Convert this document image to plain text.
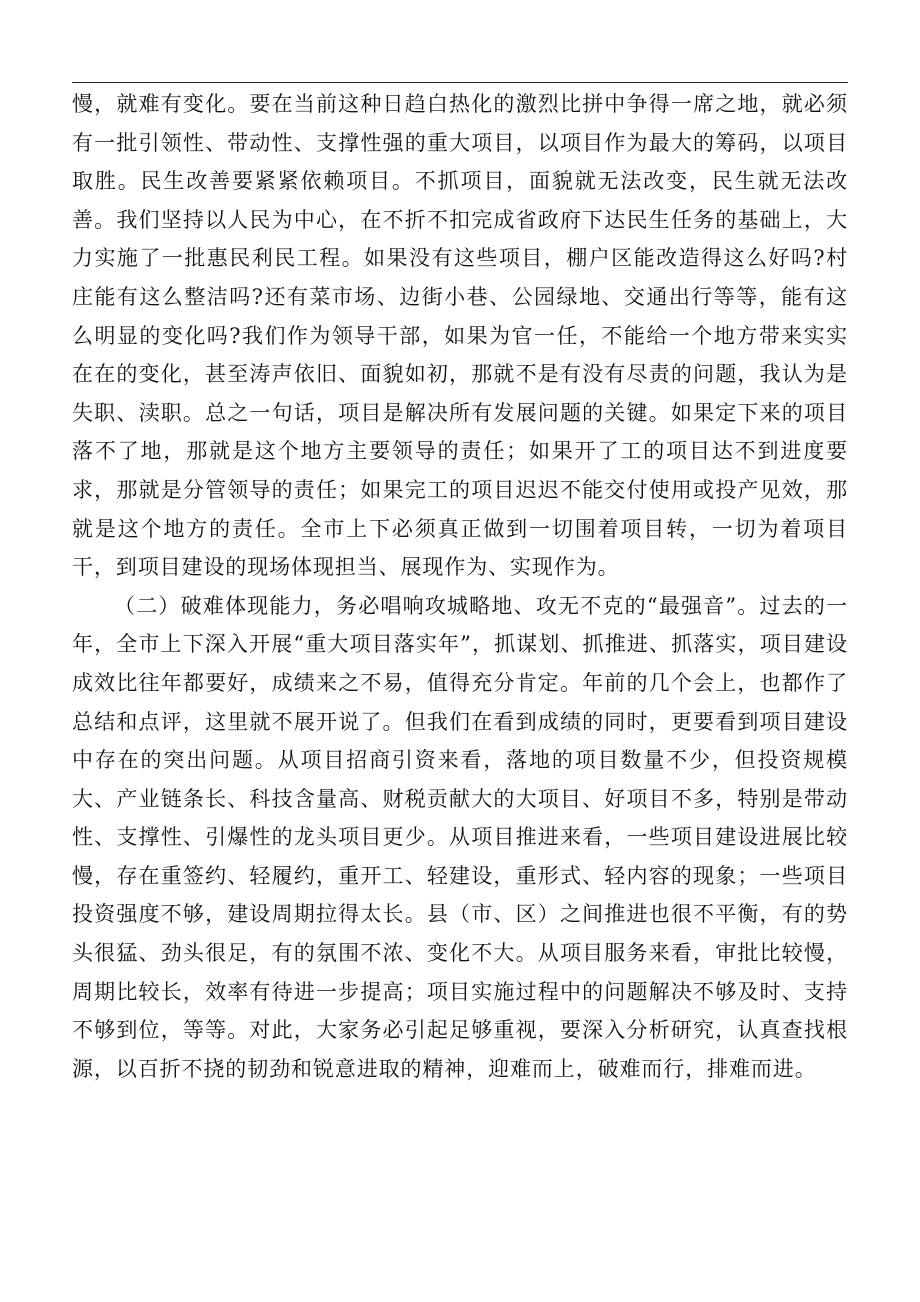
慢，就难有变化。要在当前这种日趋白热化的激烈比拼中争得一席之地，就必须有一批引领性、带动性、支撑性强的重大项目，以项目作为最大的筹码，以项目取胜。民生改善要紧紧依赖项目。不抓项目，面貌就无法改变，民生就无法改善。我们坚持以人民为中心，在不折不扣完成省政府下达民生任务的基础上，大力实施了一批惠民利民工程。如果没有这些项目，棚户区能改造得这么好吗?村庄能有这么整洁吗?还有菜市场、边街小巷、公园绿地、交通出行等等，能有这么明显的变化吗?我们作为领导干部，如果为官一任，不能给一个地方带来实实在在的变化，甚至涛声依旧、面貌如初，那就不是有没有尽责的问题，我认为是失职、渎职。总之一句话，项目是解决所有发展问题的关键。如果定下来的项目落不了地，那就是这个地方主要领导的责任；如果开了工的项目达不到进度要求，那就是分管领导的责任；如果完工的项目迟迟不能交付使用或投产见效，那就是这个地方的责任。全市上下必须真正做到一切围着项目转，一切为着项目干，到项目建设的现场体现担当、展现作为、实现作为。

（二）破难体现能力，务必唱响攻城略地、攻无不克的“最强音”。过去的一年，全市上下深入开展“重大项目落实年”，抓谋划、抓推进、抓落实，项目建设成效比往年都要好，成绩来之不易，值得充分肯定。年前的几个会上，也都作了总结和点评，这里就不展开说了。但我们在看到成绩的同时，更要看到项目建设中存在的突出问题。从项目招商引资来看，落地的项目数量不少，但投资规模大、产业链条长、科技含量高、财税贡献大的大项目、好项目不多，特别是带动性、支撑性、引爆性的龙头项目更少。从项目推进来看，一些项目建设进展比较慢，存在重签约、轻履约，重开工、轻建设，重形式、轻内容的现象；一些项目投资强度不够，建设周期拉得太长。县（市、区）之间推进也很不平衡，有的势头很猛、劲头很足，有的氛围不浓、变化不大。从项目服务来看，审批比较慢，周期比较长，效率有待进一步提高；项目实施过程中的问题解决不够及时、支持不够到位，等等。对此，大家务必引起足够重视，要深入分析研究，认真查找根源，以百折不挠的韧劲和锐意进取的精神，迎难而上，破难而行，排难而进。
